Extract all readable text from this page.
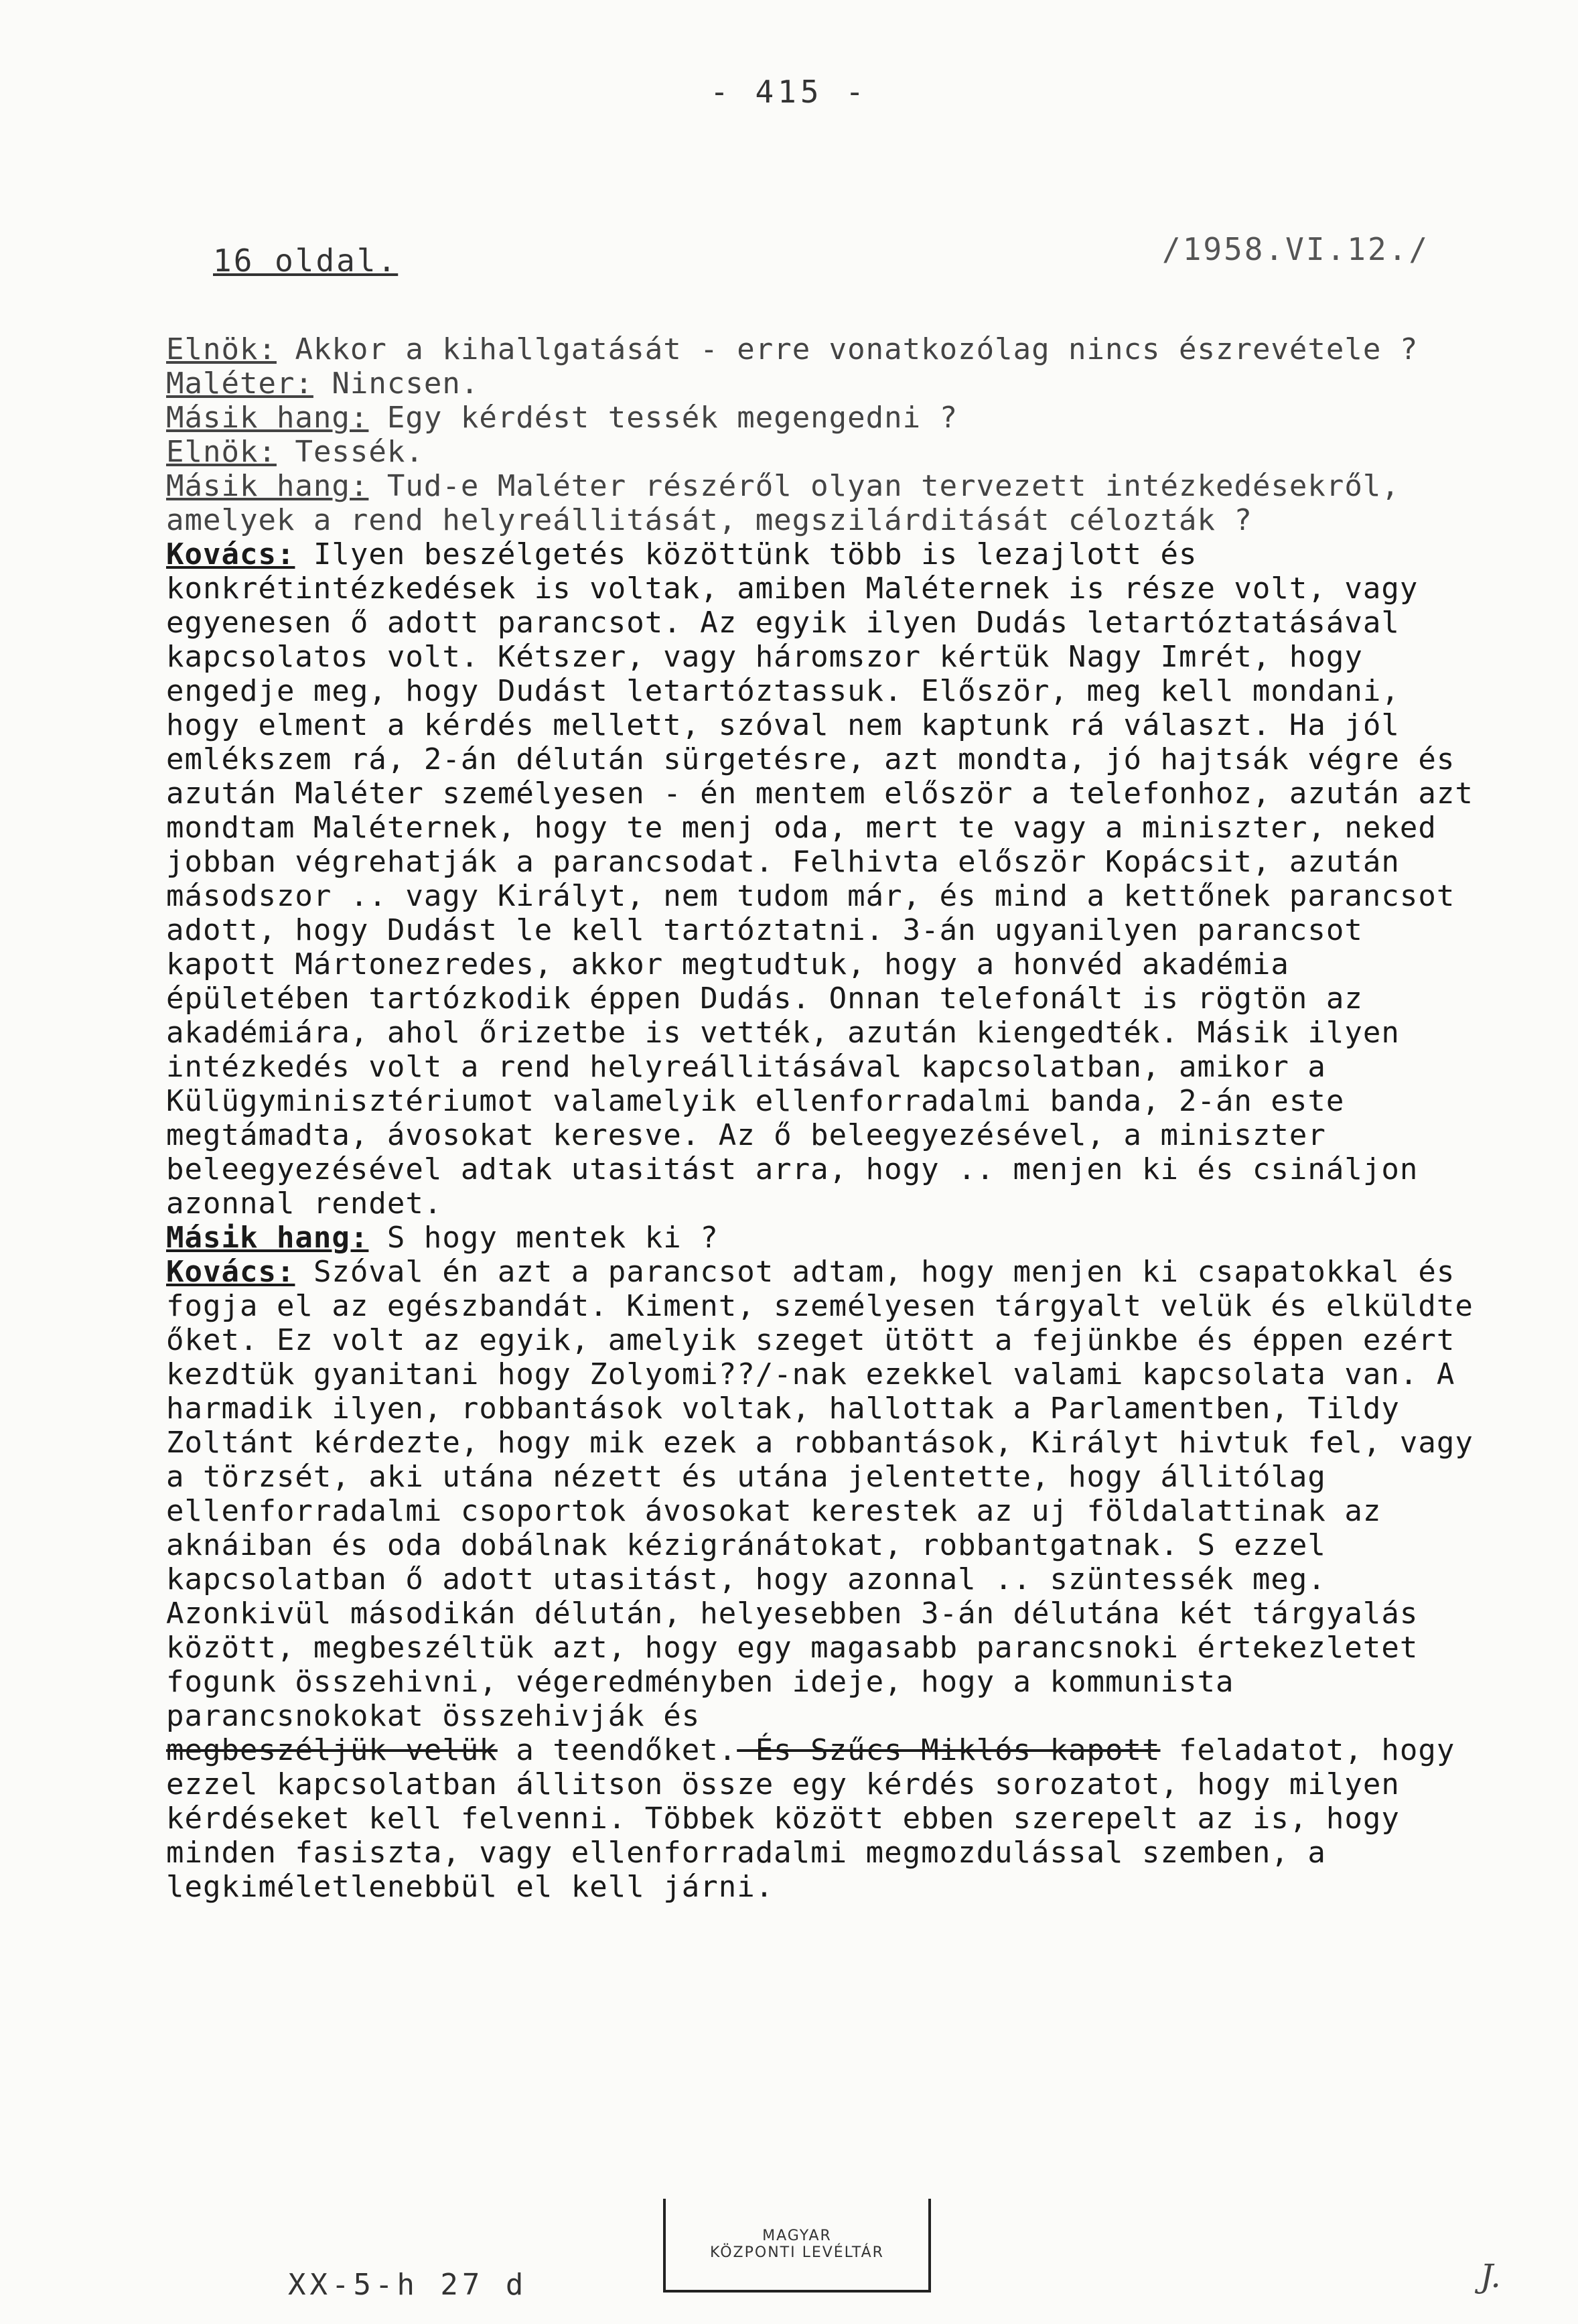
- 415 -
16 oldal.	/1958.VI.12./

Elnök: Akkor a kihallgatását - erre vonatkozólag nincs észrevétele ?

Maléter: Nincsen.

Másik hang: Egy kérdést tessék megengedni ?

Elnök: Tessék.

Másik hang: Tud-e Maléter részéről olyan tervezett intézkedésekről, amelyek a rend helyreállitását, megszilárditását célozták ?

Kovács: Ilyen beszélgetés közöttünk több is lezajlott és konkrétintézkedések is voltak, amiben Maléternek is része volt, vagy egyenesen ő adott parancsot. Az egyik ilyen Dudás letartóztatásával kapcsolatos volt. Kétszer, vagy háromszor kértük Nagy Imrét, hogy engedje meg, hogy Dudást letartóztassuk. Először, meg kell mondani, hogy elment a kérdés mellett, szóval nem kaptunk rá választ. Ha jól emlékszem rá, 2-án délután sürgetésre, azt mondta, jó hajtsák végre és azután Maléter személyesen - én mentem először a telefonhoz, azután azt mondtam Maléternek, hogy te menj oda, mert te vagy a miniszter, neked jobban végrehatják a parancsodat. Felhivta először Kopácsit, azután másodszor .. vagy Királyt, nem tudom már, és mind a kettőnek parancsot adott, hogy Dudást le kell tartóztatni. 3-án ugyanilyen parancsot kapott Mártonezredes, akkor megtudtuk, hogy a honvéd akadémia épületében tartózkodik éppen Dudás. Onnan telefonált is rögtön az akadémiára, ahol őrizetbe is vették, azután kiengedték. Másik ilyen intézkedés volt a rend helyreállitásával kapcsolatban, amikor a Külügyminisztériumot valamelyik ellenforradalmi banda, 2-án este megtámadta, ávosokat keresve. Az ő beleegyezésével, a miniszter beleegyezésével adtak utasitást arra, hogy .. menjen ki és csináljon azonnal rendet.

Másik hang: S hogy mentek ki ?

Kovács: Szóval én azt a parancsot adtam, hogy menjen ki csapatokkal és fogja el az egészbandát. Kiment, személyesen tárgyalt velük és elküldte őket. Ez volt az egyik, amelyik szeget ütött a fejünkbe és éppen ezért kezdtük gyanitani hogy Zolyomi??/-nak ezekkel valami kapcsolata van. A harmadik ilyen, robbantások voltak, hallottak a Parlamentben, Tildy Zoltánt kérdezte, hogy mik ezek a robbantások, Királyt hivtuk fel, vagy a törzsét, aki utána nézett és utána jelentette, hogy állitólag ellenforradalmi csoportok ávosokat kerestek az uj földalattinak az aknáiban és oda dobálnak kézigránátokat, robbantgatnak. S ezzel kapcsolatban ő adott utasitást, hogy azonnal .. szüntessék meg. Azonkivül másodikán délután, helyesebben 3-án délutána két tárgyalás között, megbeszéltük azt, hogy egy magasabb parancsnoki értekezletet fogunk összehivni, végeredményben ideje, hogy a kommunista parancsnokokat összehivják és

megbeszéljük velük a teendőket. És Szűcs Miklós kapott feladatot, hogy ezzel kapcsolatban állitson össze egy kérdés sorozatot, hogy milyen kérdéseket kell felvenni. Többek között ebben szerepelt az is, hogy minden fasiszta, vagy ellenforradalmi megmozdulással szemben, a legkiméletlenebbül el kell járni.

XX-5-h 27 d
MAGYAR
KÖZPONTI LEVÉLTÁR
J.
